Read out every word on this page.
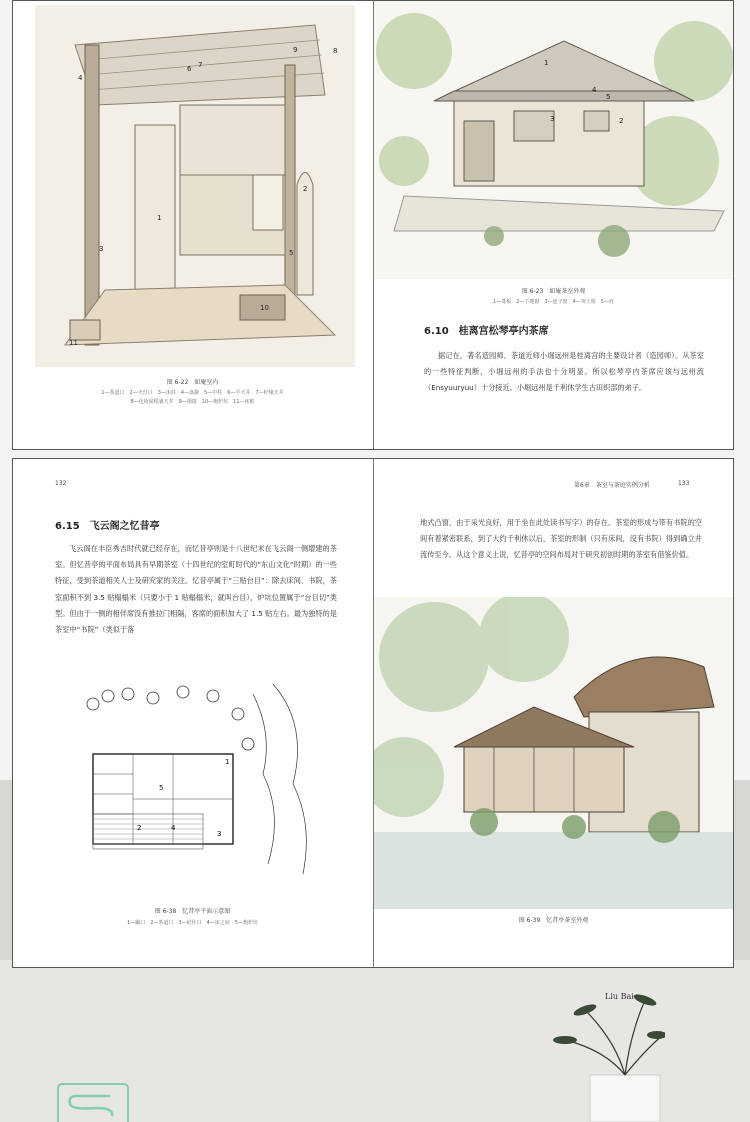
1
2
3
4
5
6 7
8
9
10
11
图 6-22　如庵室内
1—茶道口　2—火灯口　3—床柱　4—落掛　5—中柱　6—平天井　7—杆缘天井
8—化妆屋根裏天井　9—揚窗　10—炮炉坑　11—床框
1
2
3
4
5
图 6-23　如庵茶室外观
1—葺板　2—下地窗　3—连子窗　4—突上窗　5—庇
6.10　桂离宫松琴亭内茶席
据记在，著名造园师、茶道近师小堀远州是桂离宫的主要设计者（造园师）。从茶室的一些特征判断，小堀远州的手法也十分明显。所以松琴亭内茶席应该与远州流（Ensyuuryuu）十分接近。小堀远州是千利休学生古田织部的弟子。
132
6.15　飞云阁之忆昔亭
飞云阁在丰臣秀吉时代就已经存在，而忆昔亭则是十八世纪末在飞云阁一侧增建的茶室。但忆昔亭的平面布局具有早期茶室（十四世纪的室町时代的“东山文化”时期）的一些特征，受到茶道相关人士及研究家的关注。忆昔亭属于“三贴台目”：除去床间、书院，茶室面积不到 3.5 贴榻榻米（只要小于 1 贴榻榻米，就叫台目），炉坑位置属于“台目切”类型。但由于一侧的相伴席没有推拉门相隔，客席的面积加大了 1.5 贴左右。最为独特的是茶室中“书院”（类似于落
1
2
3
4
5
图 6-38　忆昔亭平面示意图
1—躏口　2—茶道口　3—给仕口　4—床之间　5—炮炉坑
第6章　茶室与茶庭实例分析	133
地式凸窗，由于采光良好，用于坐在此处读书写字）的存在。茶室的形成与带有书院的空间有着紧密联系，到了大约千利休以后，茶室的形制（只有床间，没有书院）得到确立并流传至今。从这个意义上说，忆昔亭的空间布局对于研究初创时期的茶室有借鉴价值。
图 6-39　忆昔亭茶室外观
Liu Bai
